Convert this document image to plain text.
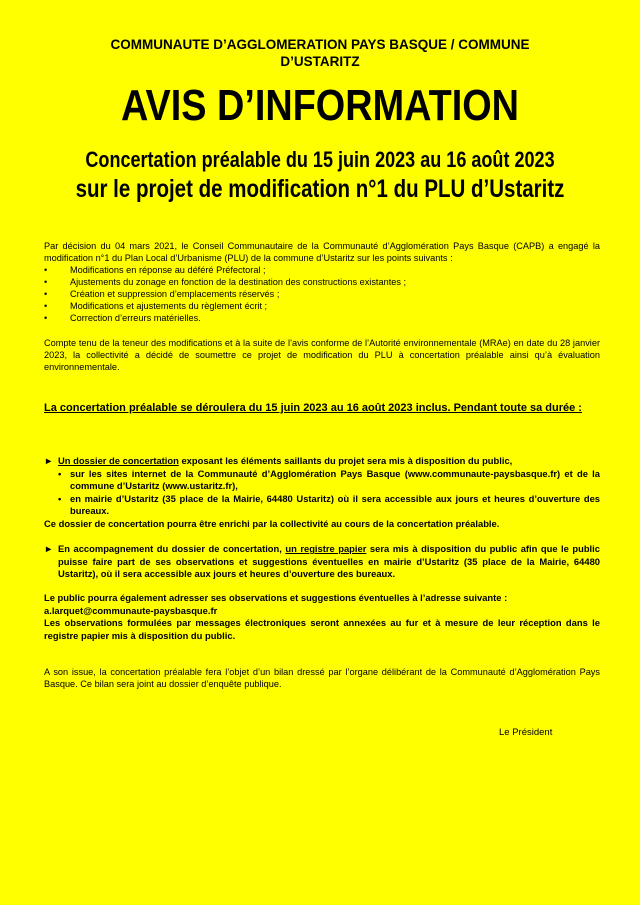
COMMUNAUTE D’AGGLOMERATION PAYS BASQUE / COMMUNE
D’USTARITZ
AVIS D’INFORMATION
Concertation préalable du 15 juin 2023 au 16 août 2023
sur le projet de modification n°1 du PLU d’Ustaritz

Par décision du 04 mars 2021, le Conseil Communautaire de la Communauté d’Agglomération Pays Basque (CAPB) a engagé la modification n°1 du Plan Local d’Urbanisme (PLU) de la commune d’Ustaritz sur les points suivants :

• Modifications en réponse au déféré Préfectoral ;
• Ajustements du zonage en fonction de la destination des constructions existantes ;
• Création et suppression d’emplacements réservés ;
• Modifications et ajustements du règlement écrit ;
• Correction d’erreurs matérielles.
Compte tenu de la teneur des modifications et à la suite de l’avis conforme de l’Autorité environnementale (MRAe) en date du 28 janvier 2023, la collectivité a décidé de soumettre ce projet de modification du PLU à concertation préalable ainsi qu’à évaluation environnementale.
La concertation préalable se déroulera du 15 juin 2023 au 16 août 2023 inclus. Pendant toute sa durée :
► Un dossier de concertation exposant les éléments saillants du projet sera mis à disposition du public,
• sur les sites internet de la Communauté d’Agglomération Pays Basque (www.communaute-paysbasque.fr) et de la commune d’Ustaritz (www.ustaritz.fr),
• en mairie d’Ustaritz (35 place de la Mairie, 64480 Ustaritz) où il sera accessible aux jours et heures d’ouverture des bureaux.
Ce dossier de concertation pourra être enrichi par la collectivité au cours de la concertation préalable.
► En accompagnement du dossier de concertation, un registre papier sera mis à disposition du public afin que le public puisse faire part de ses observations et suggestions éventuelles en mairie d’Ustaritz (35 place de la Mairie, 64480 Ustaritz), où il sera accessible aux jours et heures d’ouverture des bureaux.
Le public pourra également adresser ses observations et suggestions éventuelles à l’adresse suivante :
a.larquet@communaute-paysbasque.fr
Les observations formulées par messages électroniques seront annexées au fur et à mesure de leur réception dans le registre papier mis à disposition du public.
A son issue, la concertation préalable fera l’objet d’un bilan dressé par l’organe délibérant de la Communauté d’Agglomération Pays Basque. Ce bilan sera joint au dossier d’enquête publique.
Le Président
